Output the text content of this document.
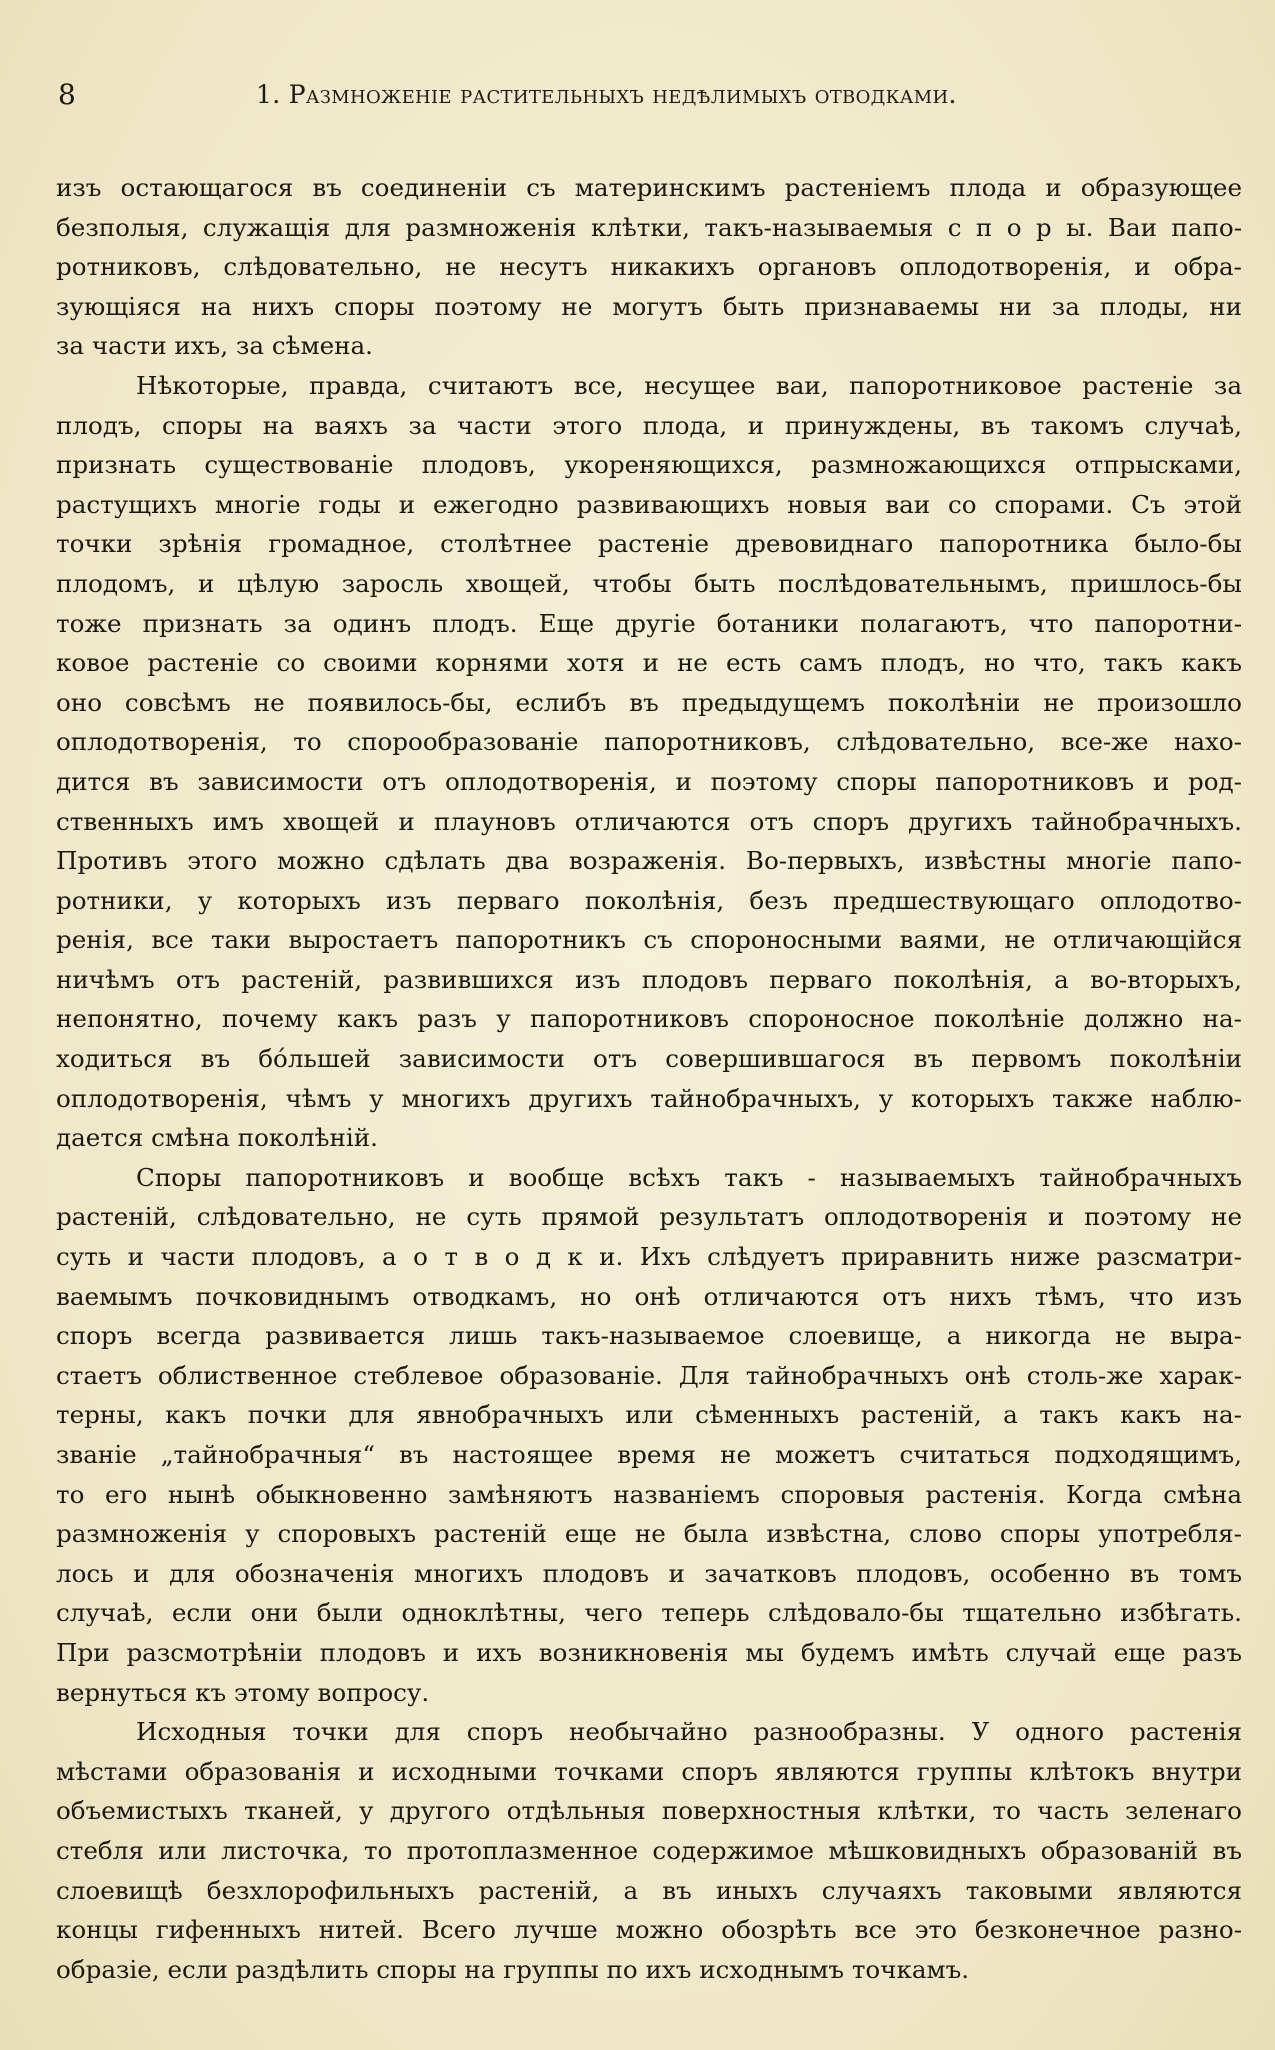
8	1. Размноженіе растительныхъ недѣлимыхъ отводками.
изъ остающагося въ соединеніи съ материнскимъ растеніемъ плода и образующее
безполыя, служащія для размноженія клѣтки, такъ-называемыя с п о р ы. Ваи папо-
ротниковъ, слѣдовательно, не несутъ никакихъ органовъ оплодотворенія, и обра-
зующіяся на нихъ споры поэтому не могутъ быть признаваемы ни за плоды, ни
за части ихъ, за сѣмена.
Нѣкоторые, правда, считаютъ все, несущее ваи, папоротниковое растеніе за
плодъ, споры на ваяхъ за части этого плода, и принуждены, въ такомъ случаѣ,
признать существованіе плодовъ, укореняющихся, размножающихся отпрысками,
растущихъ многіе годы и ежегодно развивающихъ новыя ваи со спорами. Съ этой
точки зрѣнія громадное, столѣтнее растеніе древовиднаго папоротника было-бы
плодомъ, и цѣлую заросль хвощей, чтобы быть послѣдовательнымъ, пришлось-бы
тоже признать за одинъ плодъ. Еще другіе ботаники полагаютъ, что папоротни-
ковое растеніе со своими корнями хотя и не есть самъ плодъ, но что, такъ какъ
оно совсѣмъ не появилось-бы, еслибъ въ предыдущемъ поколѣніи не произошло
оплодотворенія, то спорообразованіе папоротниковъ, слѣдовательно, все-же нахо-
дится въ зависимости отъ оплодотворенія, и поэтому споры папоротниковъ и род-
ственныхъ имъ хвощей и плауновъ отличаются отъ споръ другихъ тайнобрачныхъ.
Противъ этого можно сдѣлать два возраженія. Во-первыхъ, извѣстны многіе папо-
ротники, у которыхъ изъ перваго поколѣнія, безъ предшествующаго оплодотво-
ренія, все таки выростаетъ папоротникъ съ спороносными ваями, не отличающійся
ничѣмъ отъ растеній, развившихся изъ плодовъ перваго поколѣнія, а во-вторыхъ,
непонятно, почему какъ разъ у папоротниковъ спороносное поколѣніе должно на-
ходиться въ бóльшей зависимости отъ совершившагося въ первомъ поколѣніи
оплодотворенія, чѣмъ у многихъ другихъ тайнобрачныхъ, у которыхъ также наблю-
дается смѣна поколѣній.
Споры папоротниковъ и вообще всѣхъ такъ - называемыхъ тайнобрачныхъ
растеній, слѣдовательно, не суть прямой результатъ оплодотворенія и поэтому не
суть и части плодовъ, а о т в о д к и. Ихъ слѣдуетъ приравнить ниже разсматри-
ваемымъ почковиднымъ отводкамъ, но онѣ отличаются отъ нихъ тѣмъ, что изъ
споръ всегда развивается лишь такъ-называемое слоевище, а никогда не выра-
стаетъ облиственное стеблевое образованіе. Для тайнобрачныхъ онѣ столь-же харак-
терны, какъ почки для явнобрачныхъ или сѣменныхъ растеній, а такъ какъ на-
званіе „тайнобрачныя“ въ настоящее время не можетъ считаться подходящимъ,
то его нынѣ обыкновенно замѣняютъ названіемъ споровыя растенія. Когда смѣна
размноженія у споровыхъ растеній еще не была извѣстна, слово споры употребля-
лось и для обозначенія многихъ плодовъ и зачатковъ плодовъ, особенно въ томъ
случаѣ, если они были одноклѣтны, чего теперь слѣдовало-бы тщательно избѣгать.
При разсмотрѣніи плодовъ и ихъ возникновенія мы будемъ имѣть случай еще разъ
вернуться къ этому вопросу.
Исходныя точки для споръ необычайно разнообразны. У одного растенія
мѣстами образованія и исходными точками споръ являются группы клѣтокъ внутри
объемистыхъ тканей, у другого отдѣльныя поверхностныя клѣтки, то часть зеленаго
стебля или листочка, то протоплазменное содержимое мѣшковидныхъ образованій въ
слоевищѣ безхлорофильныхъ растеній, а въ иныхъ случаяхъ таковыми являются
концы гифенныхъ нитей. Всего лучше можно обозрѣть все это безконечное разно-
образіе, если раздѣлить споры на группы по ихъ исходнымъ точкамъ.
